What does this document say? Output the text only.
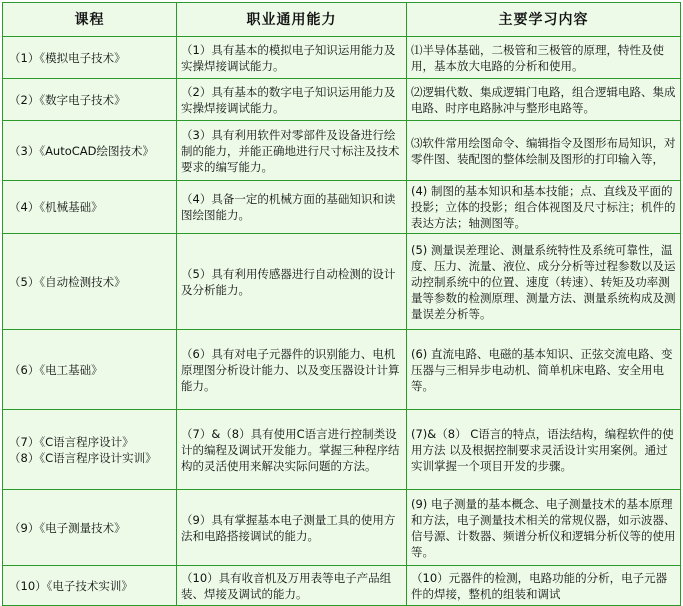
课程	职业通用能力	主要学习内容

（1）《模拟电子技术》	（1）具有基本的模拟电子知识运用能力及实操焊接调试能力。	⑴半导体基础，二极管和三极管的原理，特性及使用，基本放大电路的分析和使用。

（2）《数字电子技术》	（2）具有基本的数字电子知识运用能力及实操焊接调试能力。	⑵逻辑代数、集成逻辑门电路，组合逻辑电路、集成电路、时序电路脉冲与整形电路等。

（3）《AutoCAD绘图技术》	（3）具有利用软件对零部件及设备进行绘制的能力，并能正确地进行尺寸标注及技术要求的编写能力。	⑶软件常用绘图命令、编辑指令及图形布局知识，对零件图、装配图的整体绘制及图形的打印输入等，

（4）《机械基础》	（4）具备一定的机械方面的基础知识和读图绘图能力。	(4) 制图的基本知识和基本技能；点、直线及平面的投影；立体的投影；组合体视图及尺寸标注；机件的表达方法；轴测图等。

（5）《自动检测技术》	（5）具有利用传感器进行自动检测的设计及分析能力。	(5) 测量误差理论、测量系统特性及系统可靠性，温度、压力、流量、液位、成分分析等过程参数以及运动控制系统中的位置、速度（转速）、转矩及功率测量等参数的检测原理、测量方法、测量系统构成及测量误差分析等。

（6）《电工基础》	（6）具有对电子元器件的识别能力、电机原理图分析设计能力、以及变压器设计计算能力。	(6) 直流电路、电磁的基本知识、正弦交流电路、变压器与三相异步电动机、简单机床电路、安全用电等。

（7）《C语言程序设计》
（8）《C语言程序设计实训》	（7）&（8）具有使用C语言进行控制类设计的编程及调试开发能力。掌握三种程序结构的灵活使用来解决实际问题的方法。	(7)&（8） C语言的特点，语法结构，编程软件的使用方法 以及根据控制要求灵活设计实用案例。通过实训掌握一个项目开发的步骤。

（9）《电子测量技术》	（9）具有掌握基本电子测量工具的使用方法和电路搭接调试的能力。	(9) 电子测量的基本概念、电子测量技术的基本原理和方法，电子测量技术相关的常规仪器，如示波器、信号源、计数器、频谱分析仪和逻辑分析仪等的使用等。

（10）《电子技术实训》	（10）具有收音机及万用表等电子产品组装、焊接及调试的能力。	（10）元器件的检测，电路功能的分析，电子元器件的焊接，整机的组装和调试
